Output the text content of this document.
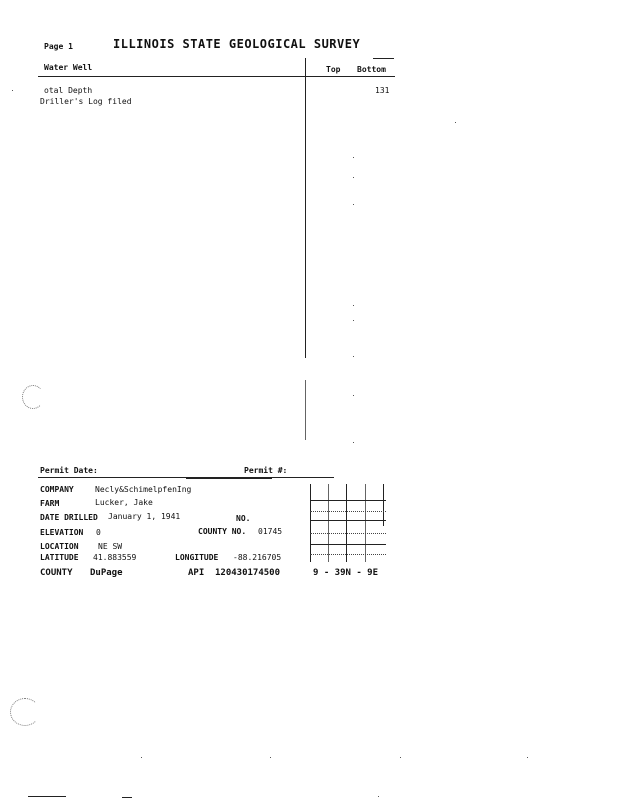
Page 1	ILLINOIS STATE GEOLOGICAL SURVEY
Water Well	Top Bottom
otal Depth	131
Driller's Log filed
Permit Date:	Permit #:
COMPANY	Necly&SchimelpfenIng
FARM	Lucker, Jake
DATE DRILLED January 1, 1941	NO.
ELEVATION 0	COUNTY NO. 01745
LOCATION NE SW
LATITUDE 41.883559	LONGITUDE -88.216705
COUNTY DuPage	API 120430174500	9 - 39N - 9E
